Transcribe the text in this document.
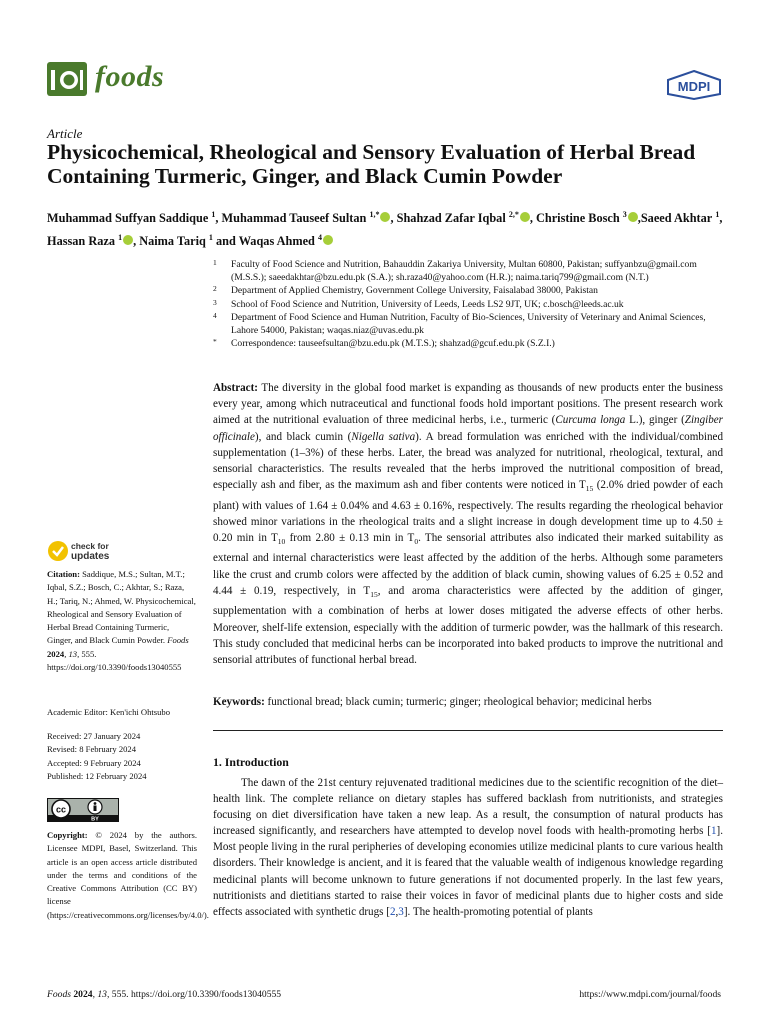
foods	MDPI
Article
Physicochemical, Rheological and Sensory Evaluation of Herbal Bread Containing Turmeric, Ginger, and Black Cumin Powder
Muhammad Suffyan Saddique $^1$, Muhammad Tauseef Sultan $^{1,*}$ , Shahzad Zafar Iqbal $^{2,*}$ , Christine Bosch $^3$ ,Saeed Akhtar $^1$, Hassan Raza $^1$ , Naima Tariq $^1$ and Waqas Ahmed $^4$
1 Faculty of Food Science and Nutrition, Bahauddin Zakariya University, Multan 60800, Pakistan; suffyanbzu@gmail.com (M.S.S.); saeedakhtar@bzu.edu.pk (S.A.); sh.raza40@yahoo.com (H.R.); naima.tariq799@gmail.com (N.T.)
2 Department of Applied Chemistry, Government College University, Faisalabad 38000, Pakistan
3 School of Food Science and Nutrition, University of Leeds, Leeds LS2 9JT, UK; c.bosch@leeds.ac.uk
4 Department of Food Science and Human Nutrition, Faculty of Bio-Sciences, University of Veterinary and Animal Sciences, Lahore 54000, Pakistan; waqas.niaz@uvas.edu.pk
* Correspondence: tauseefsultan@bzu.edu.pk (M.T.S.); shahzad@gcuf.edu.pk (S.Z.I.)

Abstract: The diversity in the global food market is expanding as thousands of new products enter the business every year, among which nutraceutical and functional foods hold important positions. The present research work aimed at the nutritional evaluation of three medicinal herbs, i.e., turmeric (Curcuma longa L.), ginger (Zingiber officinale), and black cumin (Nigella sativa). A bread formulation was enriched with the individual/combined supplementation (1–3%) of these herbs. Later, the bread was analyzed for nutritional, rheological, textural, and sensorial characteristics. The results revealed that the herbs improved the nutritional composition of bread, especially ash and fiber, as the maximum ash and fiber contents were noticed in $T_{15}$ (2.0% dried powder of each plant) with values of 1.64 ± 0.04% and 4.63 ± 0.16%, respectively. The results regarding the rheological behavior showed minor variations in the rheological traits and a slight increase in dough development time up to 4.50 ± 0.20 min in $T_{10}$ from 2.80 ± 0.13 min in $T_0$. The sensorial attributes also indicated their marked suitability as external and internal characteristics were least affected by the addition of the herbs. Although some parameters like the crust and crumb colors were affected by the addition of black cumin, showing values of 6.25 ± 0.52 and 4.44 ± 0.19, respectively, in $T_{15}$, and aroma characteristics were affected by the addition of ginger, supplementation with a combination of herbs at lower doses mitigated the adverse effects of other herbs. Moreover, shelf-life extension, especially with the addition of turmeric powder, was the hallmark of this research. This study concluded that medicinal herbs can be incorporated into baked products to improve the nutritional and sensorial attributes of functional herbal bread.

Keywords: functional bread; black cumin; turmeric; ginger; rheological behavior; medicinal herbs

1. Introduction

The dawn of the 21st century rejuvenated traditional medicines due to the scientific recognition of the diet–health link. The complete reliance on dietary staples has suffered backlash from nutritionists, and strategies focusing on diet diversification have taken a new leap. As a result, the consumption of natural products has increased significantly, and researchers have attempted to develop novel foods with health-promoting herbs [1]. Most people living in the rural peripheries of developing economies utilize medicinal plants to cure various health disorders. Their knowledge is ancient, and it is feared that the valuable wealth of indigenous knowledge regarding medicinal plants will become unknown to future generations if not documented properly. In the last few years, nutritionists and dietitians started to raise their voices in favor of medicinal plants due to higher costs and side effects associated with synthetic drugs [2,3]. The health-promoting potential of plants

check for
updates

Citation: Saddique, M.S.; Sultan, M.T.; Iqbal, S.Z.; Bosch, C.; Akhtar, S.; Raza, H.; Tariq, N.; Ahmed, W. Physicochemical, Rheological and Sensory Evaluation of Herbal Bread Containing Turmeric, Ginger, and Black Cumin Powder. Foods 2024, 13, 555. https://doi.org/10.3390/foods13040555

Academic Editor: Ken'ichi Ohtsubo

Received: 27 January 2024
Revised: 8 February 2024
Accepted: 9 February 2024
Published: 12 February 2024
cc
BY

Copyright: © 2024 by the authors. Licensee MDPI, Basel, Switzerland. This article is an open access article distributed under the terms and conditions of the Creative Commons Attribution (CC BY) license (https://creativecommons.org/licenses/by/4.0/).

Foods 2024, 13, 555. https://doi.org/10.3390/foods13040555	https://www.mdpi.com/journal/foods
